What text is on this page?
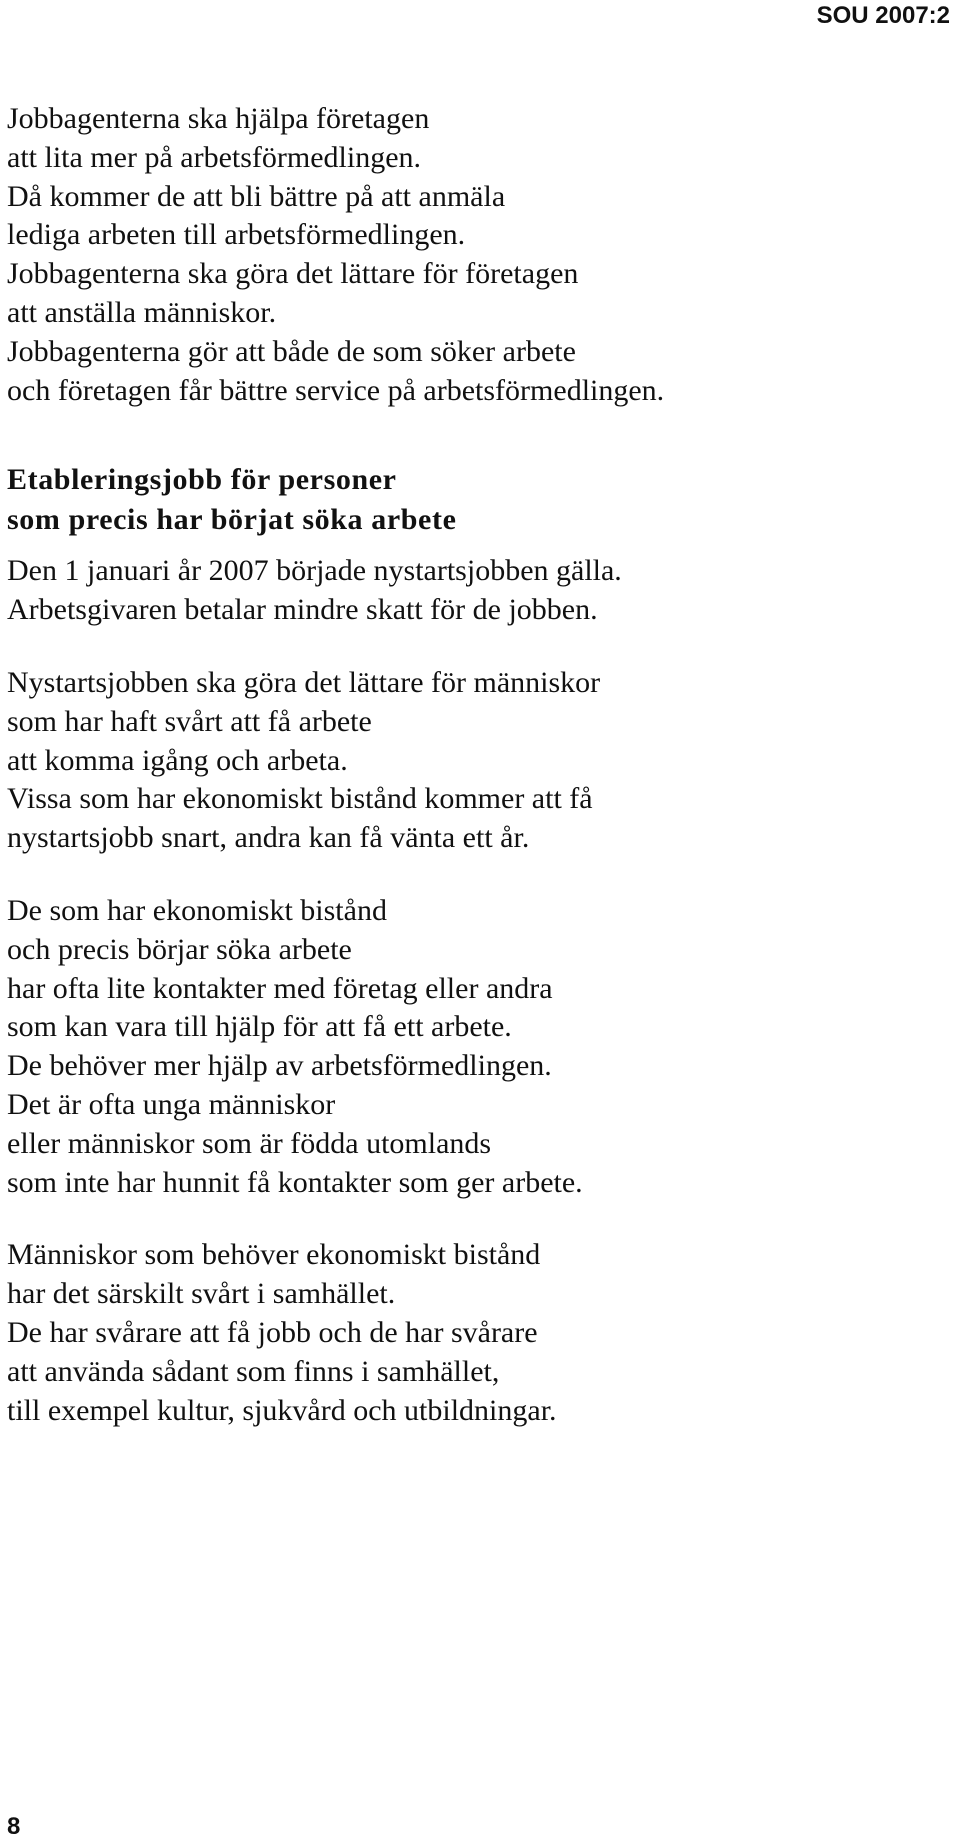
SOU 2007:2

Jobbagenterna ska hjälpa företagen
att lita mer på arbetsförmedlingen.
Då kommer de att bli bättre på att anmäla
lediga arbeten till arbetsförmedlingen.
Jobbagenterna ska göra det lättare för företagen
att anställa människor.
Jobbagenterna gör att både de som söker arbete
och företagen får bättre service på arbetsförmedlingen.

Etableringsjobb för personer
som precis har börjat söka arbete

Den 1 januari år 2007 började nystartsjobben gälla.
Arbetsgivaren betalar mindre skatt för de jobben.

Nystartsjobben ska göra det lättare för människor
som har haft svårt att få arbete
att komma igång och arbeta.
Vissa som har ekonomiskt bistånd kommer att få
nystartsjobb snart, andra kan få vänta ett år.

De som har ekonomiskt bistånd
och precis börjar söka arbete
har ofta lite kontakter med företag eller andra
som kan vara till hjälp för att få ett arbete.
De behöver mer hjälp av arbetsförmedlingen.
Det är ofta unga människor
eller människor som är födda utomlands
som inte har hunnit få kontakter som ger arbete.

Människor som behöver ekonomiskt bistånd
har det särskilt svårt i samhället.
De har svårare att få jobb och de har svårare
att använda sådant som finns i samhället,
till exempel kultur, sjukvård och utbildningar.

8
